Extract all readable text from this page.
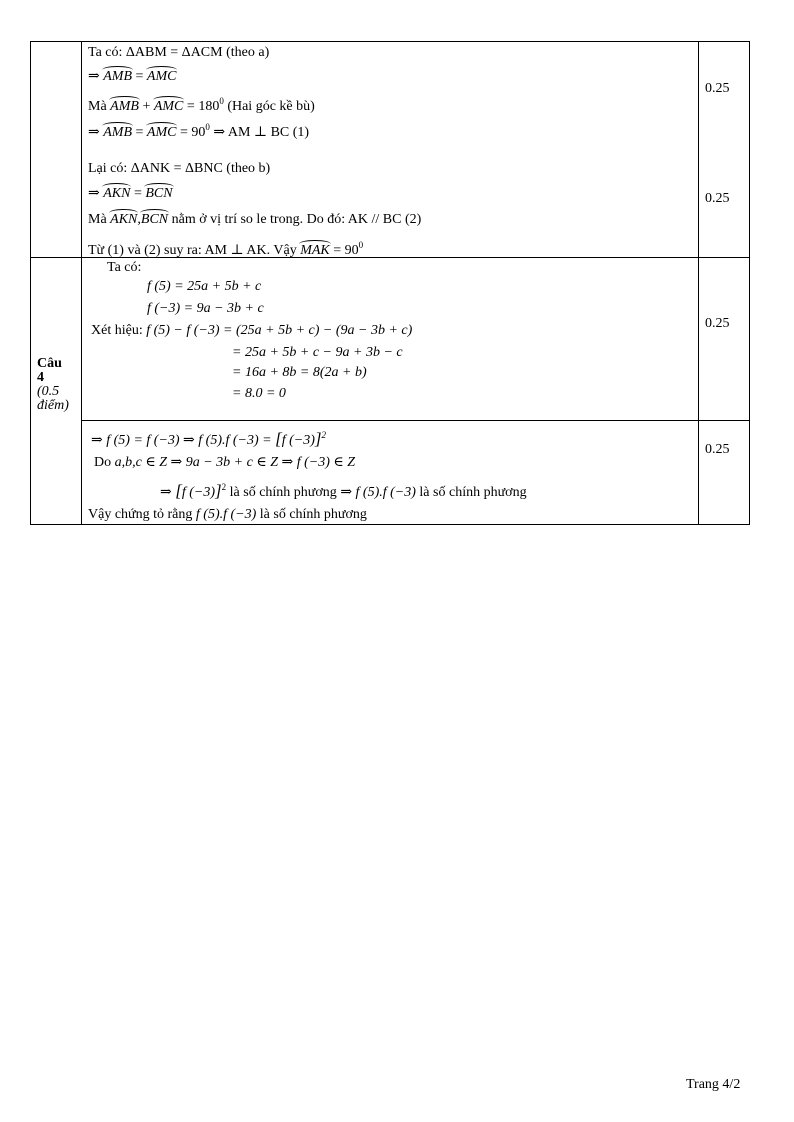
Ta có: ΔABM = ΔACM (theo a)
⇒ AMB = AMC
Mà AMB + AMC = $180^0$ (Hai góc kề bù)
⇒ AMB = AMC = $90^0$ ⇒ AM ⊥ BC (1)
0.25
Lại có: ΔANK = ΔBNC (theo b)
⇒ AKN = BCN
Mà AKN,BCN nằm ở vị trí so le trong. Do đó: AK // BC (2)
Từ (1) và (2) suy ra: AM ⊥ AK. Vậy MAK = $90^0$
0.25
Câu
4
(0.5
điểm)
Ta có:
f (5) = 25a + 5b + c
f (−3) = 9a − 3b + c
Xét hiệu: f (5) − f (−3) = (25a + 5b + c) − (9a − 3b + c)
= 25a + 5b + c − 9a + 3b − c
= 16a + 8b = 8(2a + b)
= 8.0 = 0
0.25
⇒ f (5) = f (−3) ⇒ f (5).f (−3) = [f (−3)]$^2$
Do a,b,c ∈ Z ⇒ 9a − 3b + c ∈ Z ⇒ f (−3) ∈ Z
⇒ [f (−3)]$^2$ là số chính phương ⇒ f (5).f (−3) là số chính phương
Vậy chứng tỏ rằng f (5).f (−3) là số chính phương
0.25
Trang 4/2
